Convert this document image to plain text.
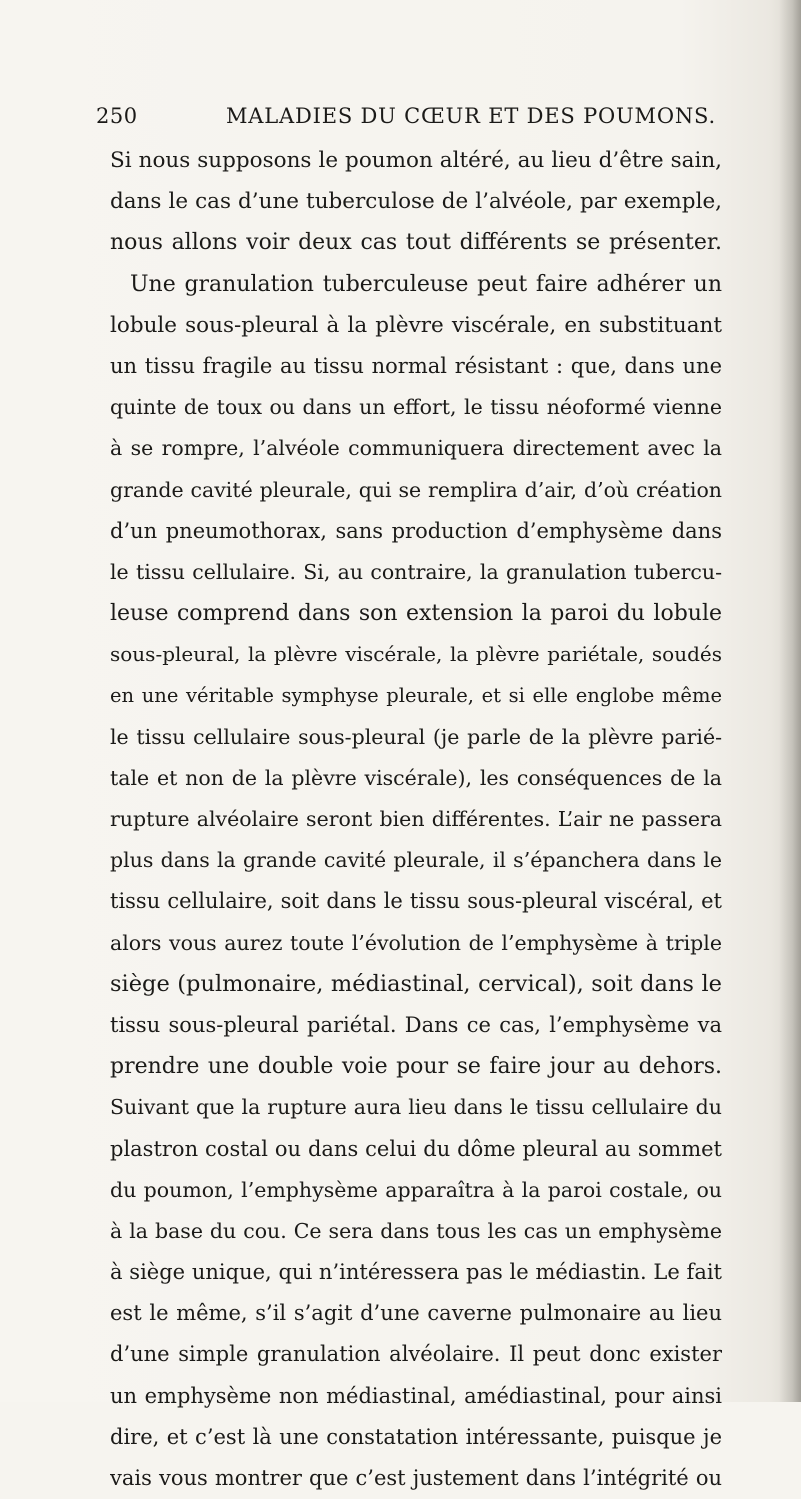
250	MALADIES DU CŒUR ET DES POUMONS.
Si nous supposons le poumon altéré, au lieu d’être sain,
dans le cas d’une tuberculose de l’alvéole, par exemple,
nous allons voir deux cas tout différents se présenter.
Une granulation tuberculeuse peut faire adhérer un
lobule sous-pleural à la plèvre viscérale, en substituant
un tissu fragile au tissu normal résistant : que, dans une
quinte de toux ou dans un effort, le tissu néoformé vienne
à se rompre, l’alvéole communiquera directement avec la
grande cavité pleurale, qui se remplira d’air, d’où création
d’un pneumothorax, sans production d’emphysème dans
le tissu cellulaire. Si, au contraire, la granulation tubercu-
leuse comprend dans son extension la paroi du lobule
sous-pleural, la plèvre viscérale, la plèvre pariétale, soudés
en une véritable symphyse pleurale, et si elle englobe même
le tissu cellulaire sous-pleural (je parle de la plèvre parié-
tale et non de la plèvre viscérale), les conséquences de la
rupture alvéolaire seront bien différentes. L’air ne passera
plus dans la grande cavité pleurale, il s’épanchera dans le
tissu cellulaire, soit dans le tissu sous-pleural viscéral, et
alors vous aurez toute l’évolution de l’emphysème à triple
siège (pulmonaire, médiastinal, cervical), soit dans le
tissu sous-pleural pariétal. Dans ce cas, l’emphysème va
prendre une double voie pour se faire jour au dehors.
Suivant que la rupture aura lieu dans le tissu cellulaire du
plastron costal ou dans celui du dôme pleural au sommet
du poumon, l’emphysème apparaîtra à la paroi costale, ou
à la base du cou. Ce sera dans tous les cas un emphysème
à siège unique, qui n’intéressera pas le médiastin. Le fait
est le même, s’il s’agit d’une caverne pulmonaire au lieu
d’une simple granulation alvéolaire. Il peut donc exister
un emphysème non médiastinal, amédiastinal, pour ainsi
dire, et c’est là une constatation intéressante, puisque je
vais vous montrer que c’est justement dans l’intégrité ou
